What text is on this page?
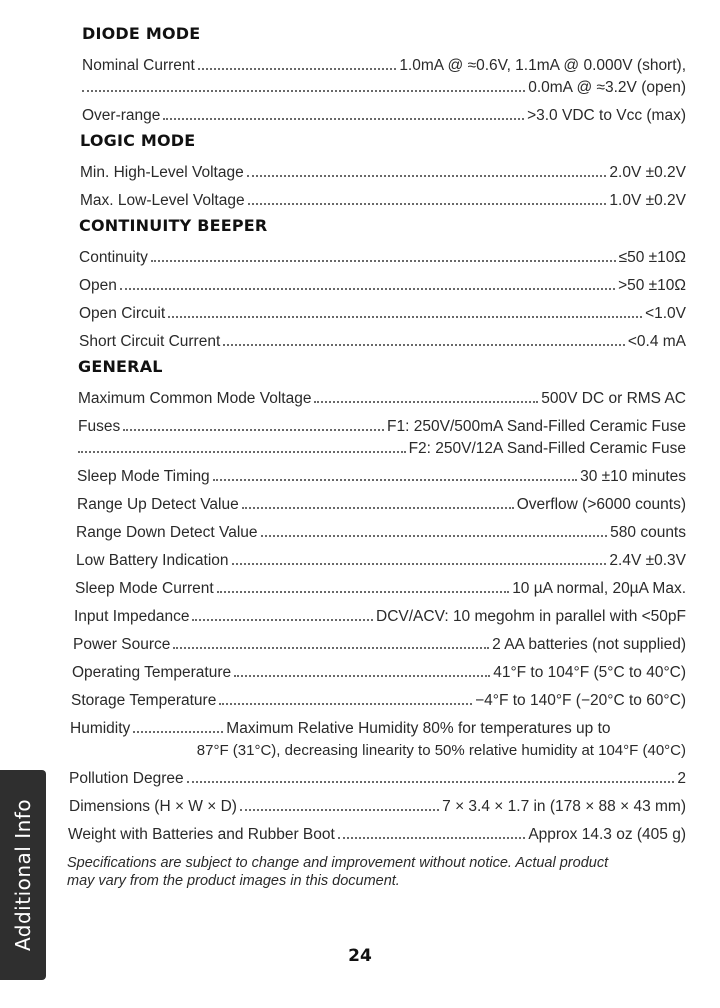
DIODE MODE
Nominal Current	1.0mA @ ≈0.6V, 1.1mA @ 0.000V (short),
0.0mA @ ≈3.2V (open)
Over-range	>3.0 VDC to Vcc (max)
LOGIC MODE
Min. High-Level Voltage	2.0V ±0.2V
Max. Low-Level Voltage	1.0V ±0.2V
CONTINUITY BEEPER
Continuity	≤50 ±10Ω
Open	>50 ±10Ω
Open Circuit	<1.0V
Short Circuit Current	<0.4 mA
GENERAL
Maximum Common Mode Voltage	500V DC or RMS AC
Fuses	F1: 250V/500mA Sand-Filled Ceramic Fuse
F2: 250V/12A Sand-Filled Ceramic Fuse
Sleep Mode Timing	30 ±10 minutes
Range Up Detect Value	Overflow (>6000 counts)
Range Down Detect Value	580 counts
Low Battery Indication	2.4V ±0.3V
Sleep Mode Current	10 µA normal, 20µA Max.
Input Impedance	DCV/ACV: 10 megohm in parallel with <50pF
Power Source	2 AA batteries (not supplied)
Operating Temperature	41°F to 104°F (5°C to 40°C)
Storage Temperature	−4°F to 140°F (−20°C to 60°C)
Humidity	Maximum Relative Humidity 80% for temperatures up to
87°F (31°C), decreasing linearity to 50% relative humidity at 104°F (40°C)
Pollution Degree	2
Dimensions (H × W × D)	7 × 3.4 × 1.7 in (178 × 88 × 43 mm)
Weight with Batteries and Rubber Boot	Approx 14.3 oz (405 g)
Specifications are subject to change and improvement without notice. Actual product may vary from the product images in this document.
24
Additional Info
